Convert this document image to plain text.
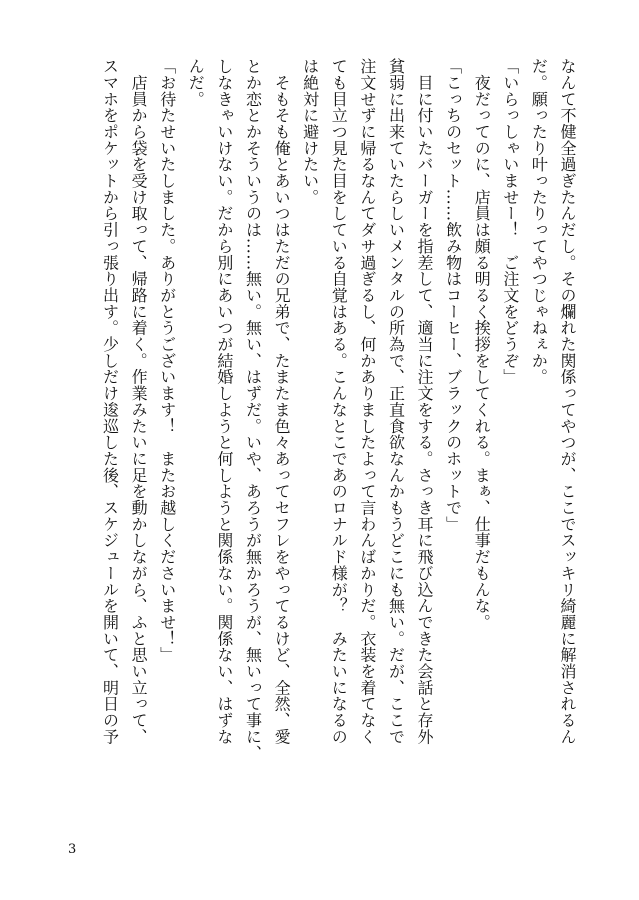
なんて不健全過ぎたんだし。その爛れた関係ってやつが、ここでスッキリ綺麗に解消されるん
だ。願ったり叶ったりってやつじゃねぇか。
「いらっしゃいませー！　ご注文をどうぞ」
　夜だってのに、店員は頗る明るく挨拶をしてくれる。まぁ、仕事だもんな。
「こっちのセット……飲み物はコーヒー、ブラックのホットで」
　目に付いたバーガーを指差して、適当に注文をする。さっき耳に飛び込んできた会話と存外
貧弱に出来ていたらしいメンタルの所為で、正直食欲なんかもうどこにも無い。だが、ここで
注文せずに帰るなんてダサ過ぎるし、何かありましたよって言わんばかりだ。衣装を着てなく
ても目立つ見た目をしている自覚はある。こんなとこであのロナルド様が？　みたいになるの
は絶対に避けたい。
　そもそも俺とあいつはただの兄弟で、たまたま色々あってセフレをやってるけど、全然、愛
とか恋とかそういうのは……無い。無い、はずだ。いや、あろうが無かろうが、無いって事に、
しなきゃいけない。だから別にあいつが結婚しようと何しようと関係ない。関係ない、はずな
んだ。
「お待たせいたしました。ありがとうございます！　またお越しくださいませ！」
　店員から袋を受け取って、帰路に着く。作業みたいに足を動かしながら、ふと思い立って、
スマホをポケットから引っ張り出す。少しだけ逡巡した後、スケジュールを開いて、明日の予
3
